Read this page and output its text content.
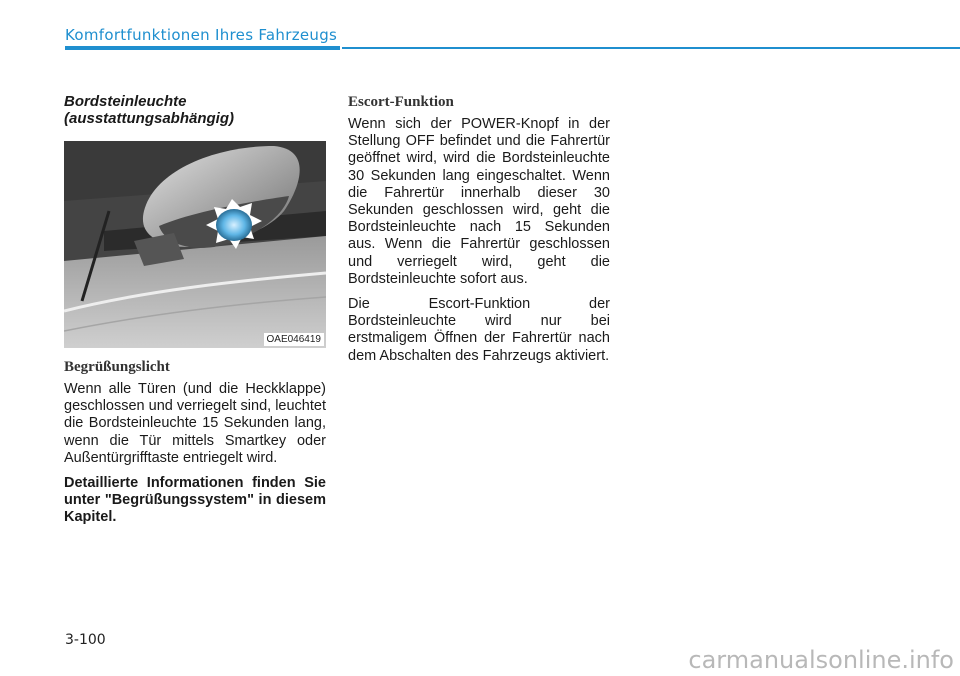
Komfortfunktionen Ihres Fahrzeugs
Bordsteinleuchte
(ausstattungsabhängig)
OAE046419
Begrüßungslicht

Wenn alle Türen (und die Heckklappe) geschlossen und verriegelt sind, leuchtet die Bordsteinleuchte 15 Sekunden lang, wenn die Tür mittels Smartkey oder Außentürgrifftaste entriegelt wird.

Detaillierte Informationen finden Sie unter "Begrüßungssystem" in diesem Kapitel.

Escort-Funktion

Wenn sich der POWER-Knopf in der Stellung OFF befindet und die Fahrertür geöffnet wird, wird die Bordsteinleuchte 30 Sekunden lang eingeschaltet. Wenn die Fahrertür innerhalb dieser 30 Sekunden geschlossen wird, geht die Bordsteinleuchte nach 15 Sekunden aus. Wenn die Fahrertür geschlossen und verriegelt wird, geht die Bordsteinleuchte sofort aus.

Die Escort-Funktion der Bordsteinleuchte wird nur bei erstmaligem Öffnen der Fahrertür nach dem Abschalten des Fahrzeugs aktiviert.

3-100
carmanualsonline.info
